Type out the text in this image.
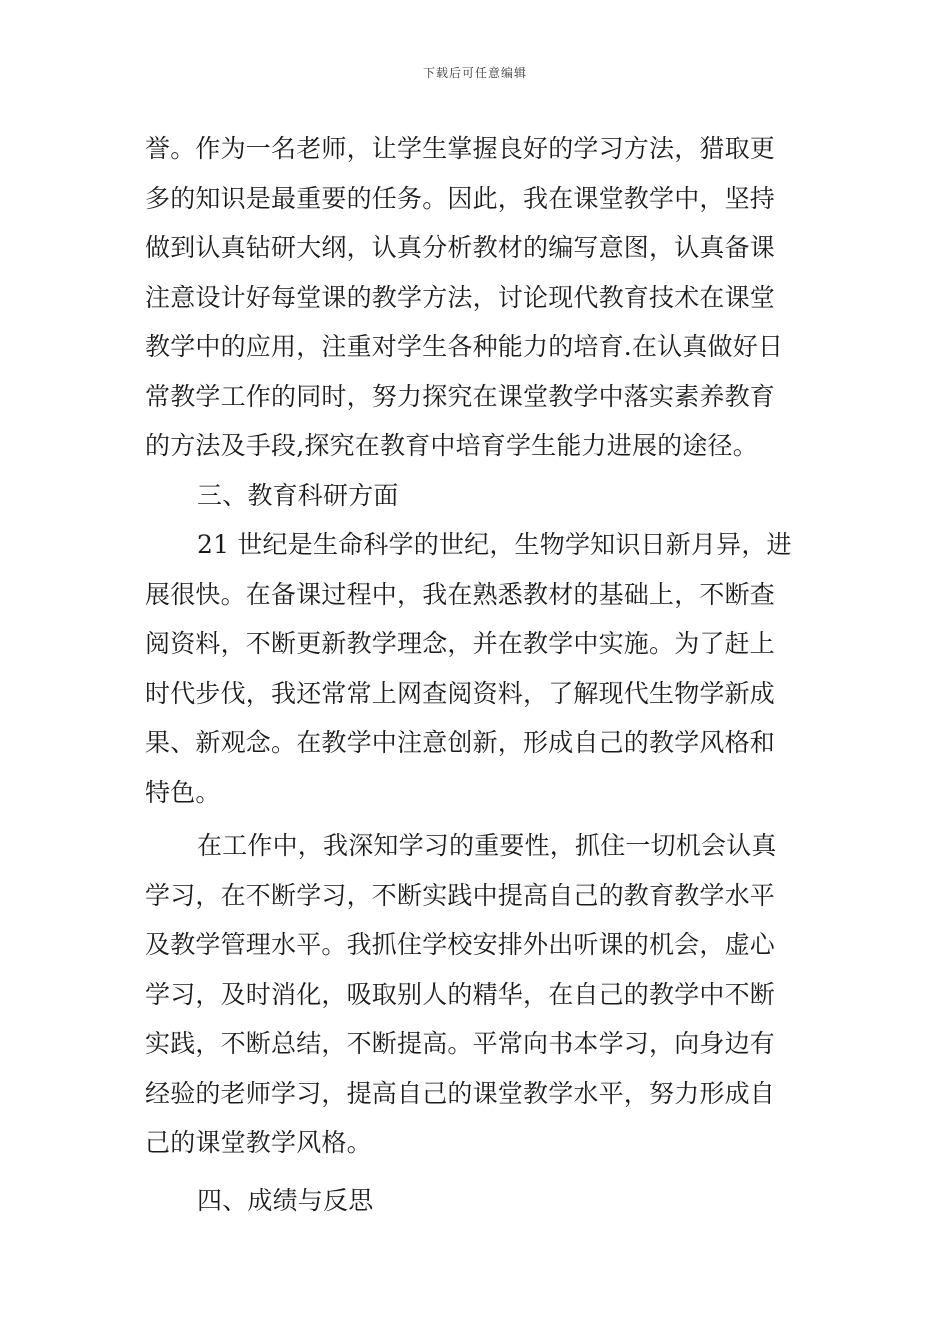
下载后可任意编辑
誉。作为一名老师，让学生掌握良好的学习方法，猎取更
多的知识是最重要的任务。因此，我在课堂教学中，坚持
做到认真钻研大纲，认真分析教材的编写意图，认真备课
注意设计好每堂课的教学方法，讨论现代教育技术在课堂
教学中的应用，注重对学生各种能力的培育.在认真做好日
常教学工作的同时，努力探究在课堂教学中落实素养教育
的方法及手段,探究在教育中培育学生能力进展的途径。
三、教育科研方面
21 世纪是生命科学的世纪，生物学知识日新月异，进
展很快。在备课过程中，我在熟悉教材的基础上，不断查
阅资料，不断更新教学理念，并在教学中实施。为了赶上
时代步伐，我还常常上网查阅资料，了解现代生物学新成
果、新观念。在教学中注意创新，形成自己的教学风格和
特色。
在工作中，我深知学习的重要性，抓住一切机会认真
学习，在不断学习，不断实践中提高自己的教育教学水平
及教学管理水平。我抓住学校安排外出听课的机会，虚心
学习，及时消化，吸取别人的精华，在自己的教学中不断
实践，不断总结，不断提高。平常向书本学习，向身边有
经验的老师学习，提高自己的课堂教学水平，努力形成自
己的课堂教学风格。
四、成绩与反思
